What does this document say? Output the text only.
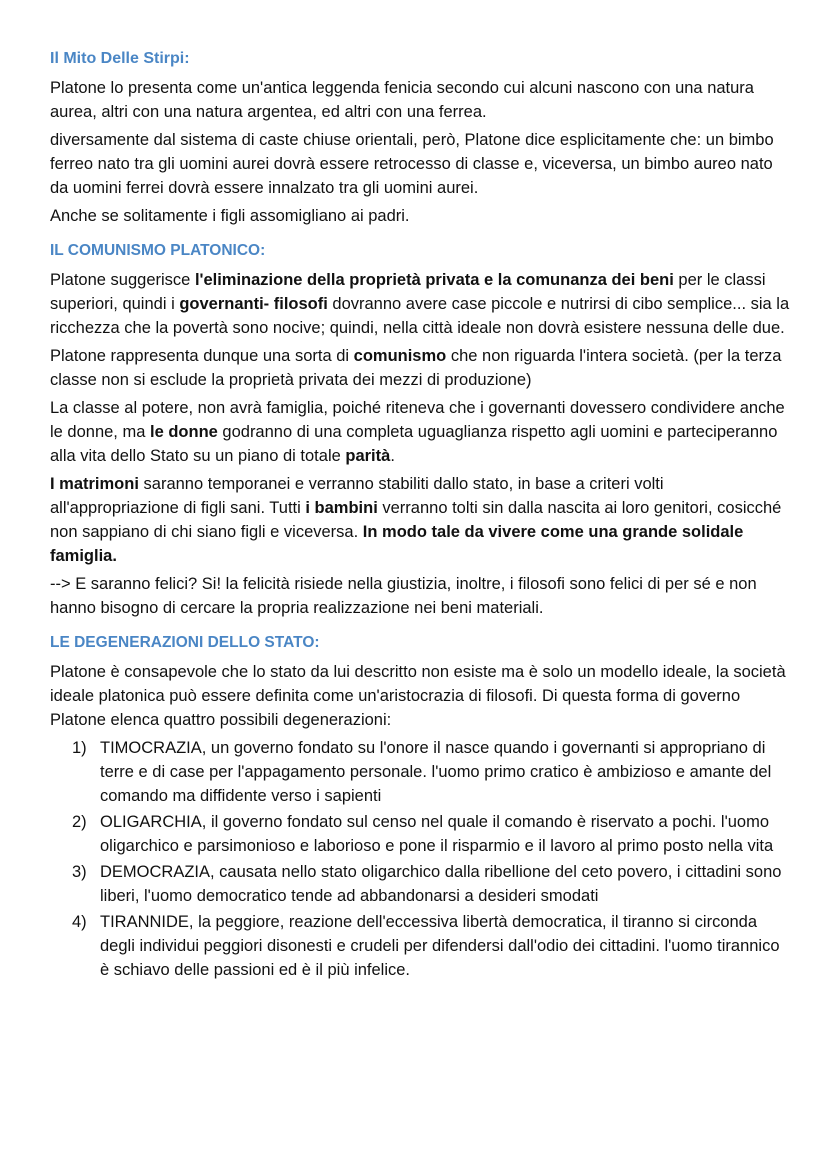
Il Mito Delle Stirpi:

Platone lo presenta come un'antica leggenda fenicia secondo cui alcuni nascono con una natura aurea, altri con una natura argentea, ed altri con una ferrea.

diversamente dal sistema di caste chiuse orientali, però, Platone dice esplicitamente che: un bimbo ferreo nato tra gli uomini aurei dovrà essere retrocesso di classe e, viceversa, un bimbo aureo nato da uomini ferrei dovrà essere innalzato tra gli uomini aurei.

Anche se solitamente i figli assomigliano ai padri.

IL COMUNISMO PLATONICO:

Platone suggerisce l'eliminazione della proprietà privata e la comunanza dei beni per le classi superiori, quindi i governanti- filosofi dovranno avere case piccole e nutrirsi di cibo semplice... sia la ricchezza che la povertà sono nocive; quindi, nella città ideale non dovrà esistere nessuna delle due.

Platone rappresenta dunque una sorta di comunismo che non riguarda l'intera società. (per la terza classe non si esclude la proprietà privata dei mezzi di produzione)

La classe al potere, non avrà famiglia, poiché riteneva che i governanti dovessero condividere anche le donne, ma le donne godranno di una completa uguaglianza rispetto agli uomini e parteciperanno alla vita dello Stato su un piano di totale parità.

I matrimoni saranno temporanei e verranno stabiliti dallo stato, in base a criteri volti all'appropriazione di figli sani. Tutti i bambini verranno tolti sin dalla nascita ai loro genitori, cosicché non sappiano di chi siano figli e viceversa. In modo tale da vivere come una grande solidale famiglia.

--> E saranno felici? Si! la felicità risiede nella giustizia, inoltre, i filosofi sono felici di per sé e non hanno bisogno di cercare la propria realizzazione nei beni materiali.

LE DEGENERAZIONI DELLO STATO:

Platone è consapevole che lo stato da lui descritto non esiste ma è solo un modello ideale, la società ideale platonica può essere definita come un'aristocrazia di filosofi. Di questa forma di governo Platone elenca quattro possibili degenerazioni:

1) TIMOCRAZIA, un governo fondato su l'onore il nasce quando i governanti si appropriano di terre e di case per l'appagamento personale. l'uomo primo cratico è ambizioso e amante del comando ma diffidente verso i sapienti
2) OLIGARCHIA, il governo fondato sul censo nel quale il comando è riservato a pochi. l'uomo oligarchico e parsimonioso e laborioso e pone il risparmio e il lavoro al primo posto nella vita
3) DEMOCRAZIA, causata nello stato oligarchico dalla ribellione del ceto povero, i cittadini sono liberi, l'uomo democratico tende ad abbandonarsi a desideri smodati
4) TIRANNIDE, la peggiore, reazione dell'eccessiva libertà democratica, il tiranno si circonda degli individui peggiori disonesti e crudeli per difendersi dall'odio dei cittadini. l'uomo tirannico è schiavo delle passioni ed è il più infelice.
